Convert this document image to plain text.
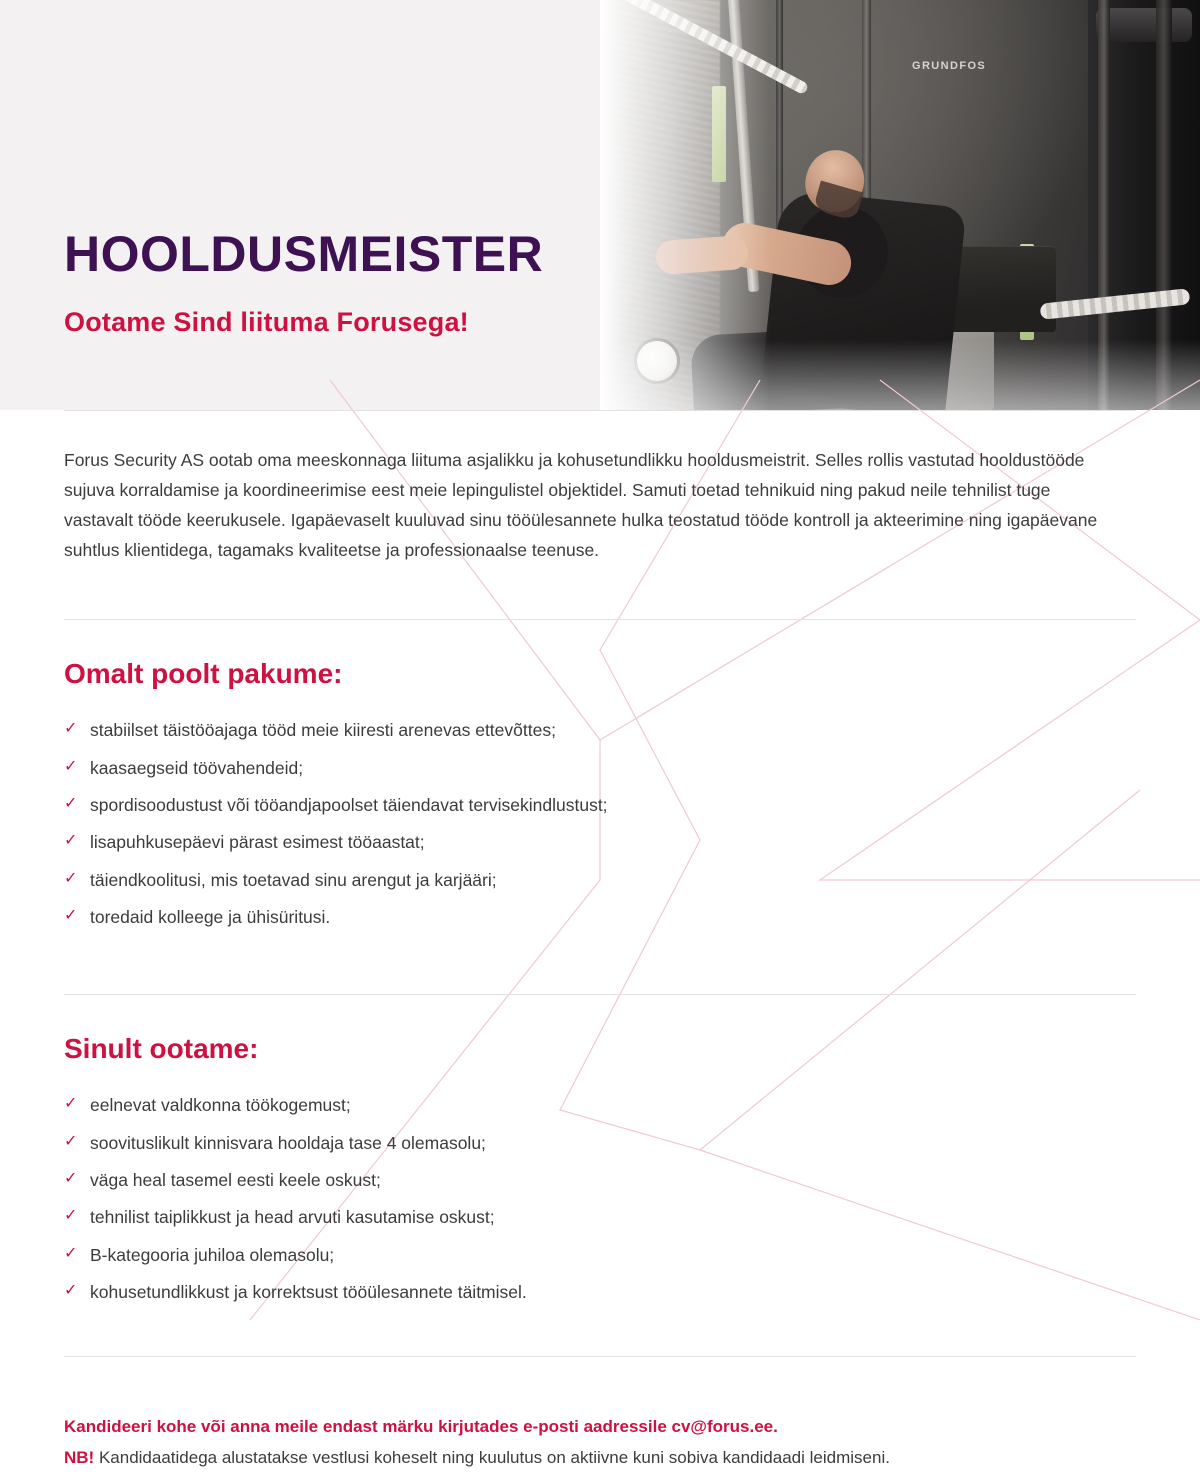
GRUNDFOS
HOOLDUSMEISTER
Ootame Sind liituma Forusega!

Forus Security AS ootab oma meeskonnaga liituma asjalikku ja kohusetundlikku hooldusmeistrit. Selles rollis vastutad hooldustööde sujuva korraldamise ja koordineerimise eest meie lepingulistel objektidel. Samuti toetad tehnikuid ning pakud neile tehnilist tuge vastavalt tööde keerukusele. Igapäevaselt kuuluvad sinu tööülesannete hulka teostatud tööde kontroll ja akteerimine ning igapäevane suhtlus klientidega, tagamaks kvaliteetse ja professionaalse teenuse.

Omalt poolt pakume:
✓ stabiilset täistööajaga tööd meie kiiresti arenevas ettevõttes;
✓ kaasaegseid töövahendeid;
✓ spordisoodustust või tööandjapoolset täiendavat tervisekindlustust;
✓ lisapuhkusepäevi pärast esimest tööaastat;
✓ täiendkoolitusi, mis toetavad sinu arengut ja karjääri;
✓ toredaid kolleege ja ühisüritusi.
Sinult ootame:
✓ eelnevat valdkonna töökogemust;
✓ soovituslikult kinnisvara hooldaja tase 4 olemasolu;
✓ väga heal tasemel eesti keele oskust;
✓ tehnilist taiplikkust ja head arvuti kasutamise oskust;
✓ B-kategooria juhiloa olemasolu;
✓ kohusetundlikkust ja korrektsust tööülesannete täitmisel.
Kandideeri kohe või anna meile endast märku kirjutades e-posti aadressile cv@forus.ee.
NB! Kandidaatidega alustatakse vestlusi koheselt ning kuulutus on aktiivne kuni sobiva kandidaadi leidmiseni.
